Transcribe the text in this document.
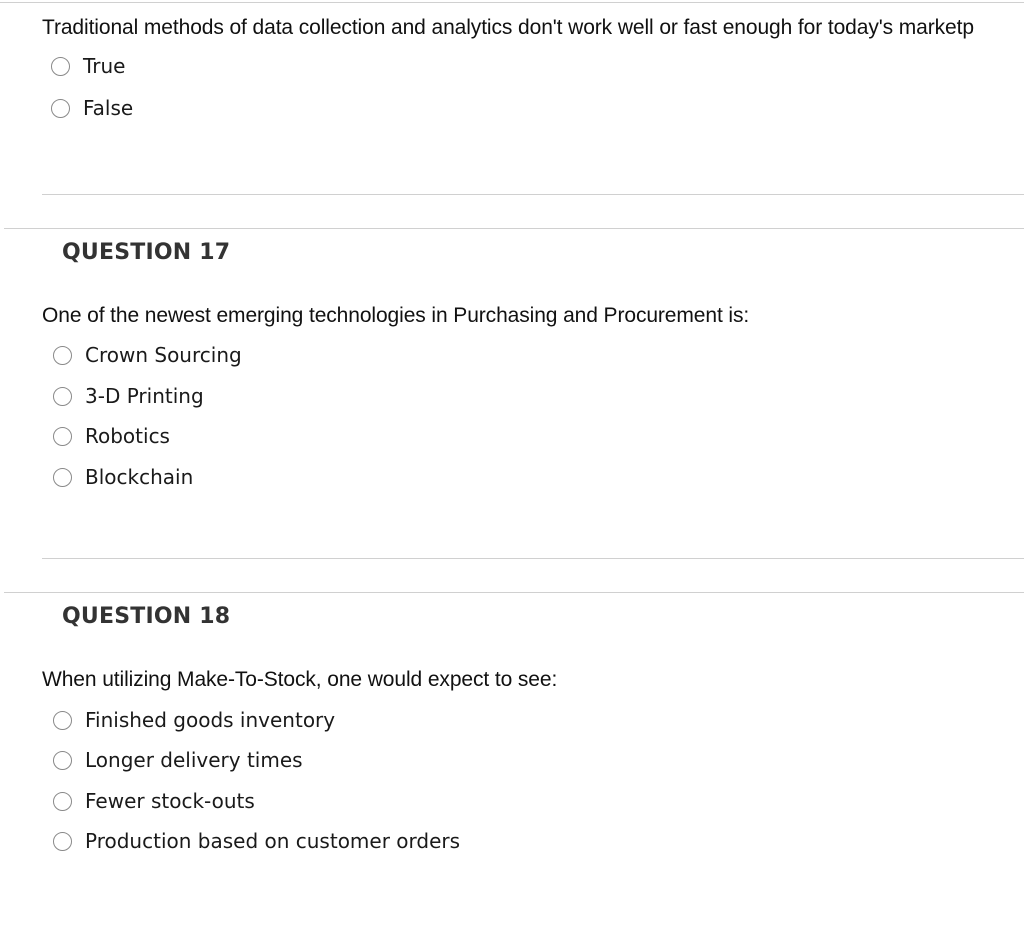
Traditional methods of data collection and analytics don't work well or fast enough for today's marketp
True
False
QUESTION 17
One of the newest emerging technologies in Purchasing and Procurement is:
Crown Sourcing
3-D Printing
Robotics
Blockchain
QUESTION 18
When utilizing Make-To-Stock, one would expect to see:
Finished goods inventory
Longer delivery times
Fewer stock-outs
Production based on customer orders
